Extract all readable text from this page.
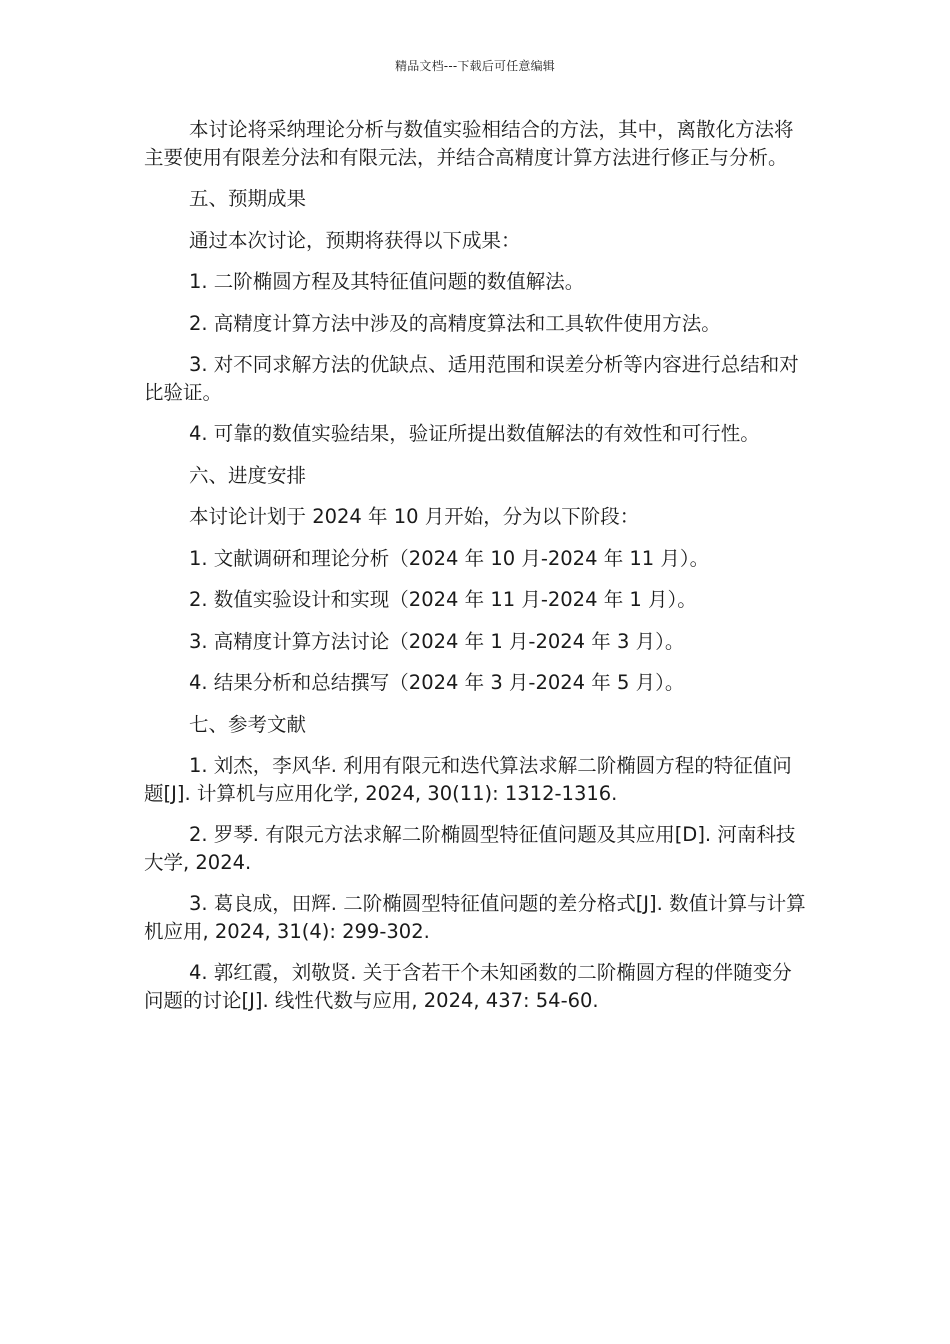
精品文档---下载后可任意编辑

本讨论将采纳理论分析与数值实验相结合的方法，其中，离散化方法将主要使用有限差分法和有限元法，并结合高精度计算方法进行修正与分析。

五、预期成果

通过本次讨论，预期将获得以下成果：

1. 二阶椭圆方程及其特征值问题的数值解法。

2. 高精度计算方法中涉及的高精度算法和工具软件使用方法。

3. 对不同求解方法的优缺点、适用范围和误差分析等内容进行总结和对比验证。

4. 可靠的数值实验结果，验证所提出数值解法的有效性和可行性。

六、进度安排

本讨论计划于 2024 年 10 月开始，分为以下阶段：

1. 文献调研和理论分析（2024 年 10 月-2024 年 11 月）。

2. 数值实验设计和实现（2024 年 11 月-2024 年 1 月）。

3. 高精度计算方法讨论（2024 年 1 月-2024 年 3 月）。

4. 结果分析和总结撰写（2024 年 3 月-2024 年 5 月）。

七、参考文献

1. 刘杰，李风华. 利用有限元和迭代算法求解二阶椭圆方程的特征值问题[J]. 计算机与应用化学, 2024, 30(11): 1312-1316.

2. 罗琴. 有限元方法求解二阶椭圆型特征值问题及其应用[D]. 河南科技大学, 2024.

3. 葛良成，田辉. 二阶椭圆型特征值问题的差分格式[J]. 数值计算与计算机应用, 2024, 31(4): 299-302.

4. 郭红霞，刘敬贤. 关于含若干个未知函数的二阶椭圆方程的伴随变分问题的讨论[J]. 线性代数与应用, 2024, 437: 54-60.
